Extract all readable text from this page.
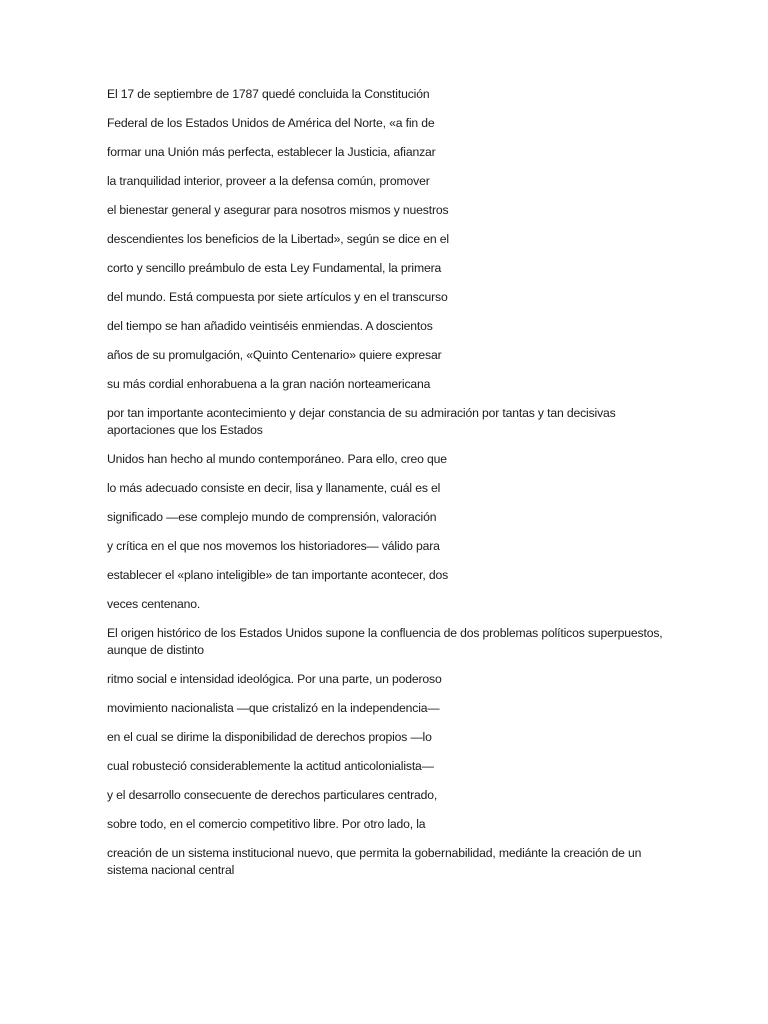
El 17 de septiembre de 1787 quedé concluida la Constitución

Federal de los Estados Unidos de América del Norte, «a fin de

formar una Unión más perfecta, establecer la Justicia, afianzar

la tranquilidad interior, proveer a la defensa común, promover

el bienestar general y asegurar para nosotros mismos y nuestros

descendientes los beneficios de la Libertad», según se dice en el

corto y sencillo preámbulo de esta Ley Fundamental, la primera

del mundo. Está compuesta por siete artículos y en el transcurso

del tiempo se han añadido veintiséis enmiendas. A doscientos

años de su promulgación, «Quinto Centenario» quiere expresar

su más cordial enhorabuena a la gran nación norteamericana

por tan importante acontecimiento y dejar constancia de su admiración por tantas y tan decisivas aportaciones que los Estados

Unidos han hecho al mundo contemporáneo. Para ello, creo que

lo más adecuado consiste en decir, lisa y llanamente, cuál es el

significado —ese complejo mundo de comprensión, valoración

y crítica en el que nos movemos los historiadores— válido para

establecer el «plano inteligible» de tan importante acontecer, dos

veces centenano.

El origen histórico de los Estados Unidos supone la confluencia de dos problemas políticos superpuestos, aunque de distinto

ritmo social e intensidad ideológica. Por una parte, un poderoso

movimiento nacionalista —que cristalizó en la independencia—

en el cual se dirime la disponibilidad de derechos propios —lo

cual robusteció considerablemente la actitud anticolonialista—

y el desarrollo consecuente de derechos particulares centrado,

sobre todo, en el comercio competitivo libre. Por otro lado, la

creación de un sistema institucional nuevo, que permita la gobernabilidad, mediánte la creación de un sistema nacional central
